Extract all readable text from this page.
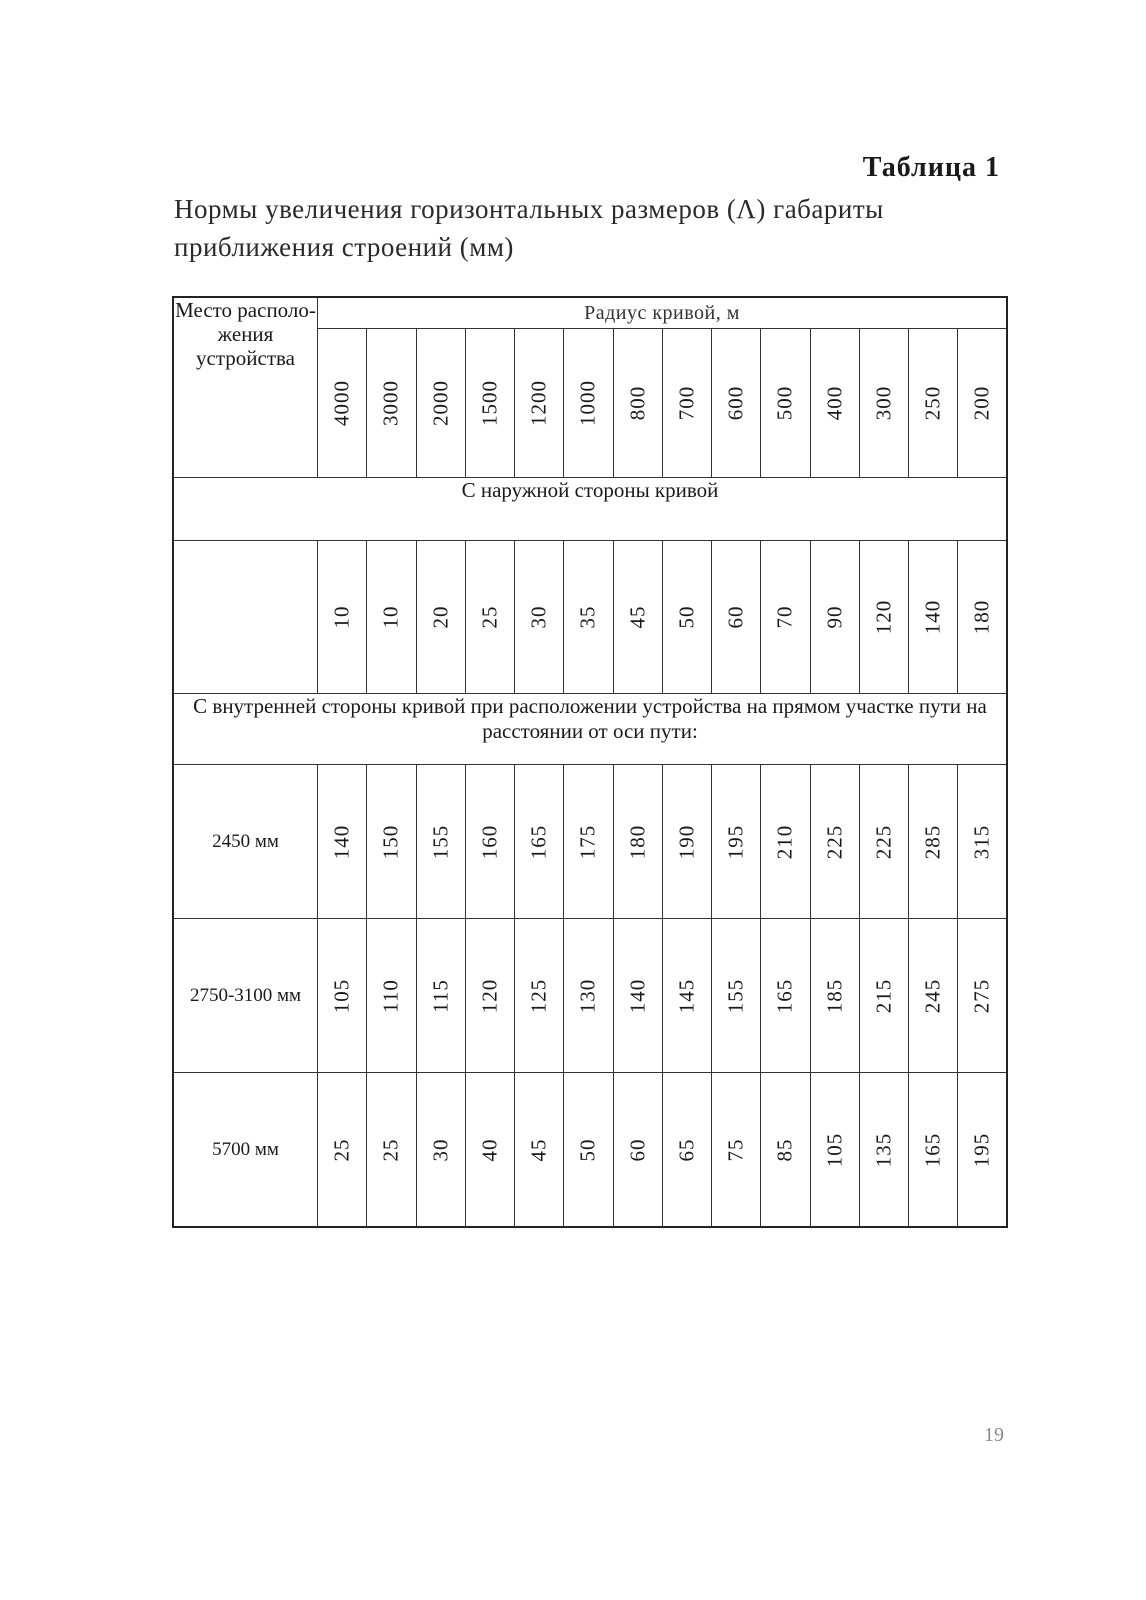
Таблица 1
Нормы увеличения горизонтальных размеров (Λ) габариты приближения строений (мм)
Место располо-жения устройства	Радиус кривой, м													

	4000	3000	2000	1500	1200	1000	800	700	600	500	400	300	250	200

С наружной стороны кривой														

	10	10	20	25	30	35	45	50	60	70	90	120	140	180

С внутренней стороны кривой при расположении устройства на прямом участке пути на расстоянии от оси пути:														
2450 мм	140	150	155	160	165	175	180	190	195	210	225	225	285	315

2750-3100 мм	105	110	115	120	125	130	140	145	155	165	185	215	245	275

5700 мм	25	25	30	40	45	50	60	65	75	85	105	135	165	195
19
